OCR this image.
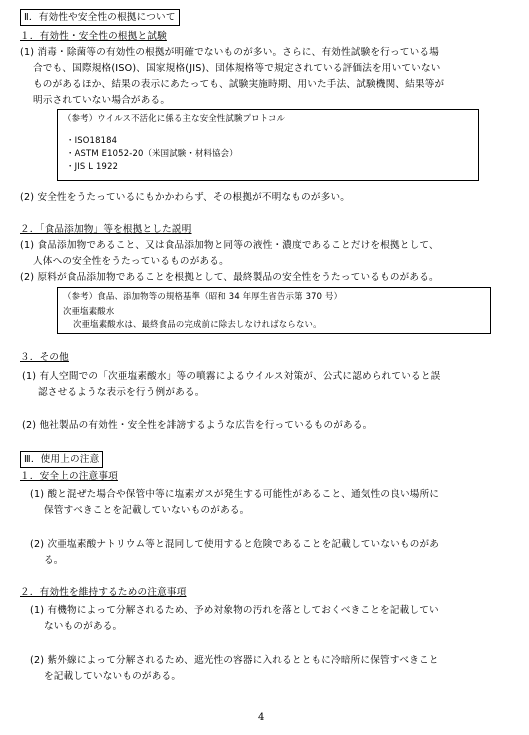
Ⅱ．有効性や安全性の根拠について
１．有効性・安全性の根拠と試験
(1) 消毒・除菌等の有効性の根拠が明確でないものが多い。さらに、有効性試験を行っている場
合でも、国際規格(ISO)、国家規格(JIS)、団体規格等で規定されている評価法を用いていない
ものがあるほか、結果の表示にあたっても、試験実施時期、用いた手法、試験機関、結果等が
明示されていない場合がある。
（参考）ウイルス不活化に係る主な安全性試験プロトコル
・ISO18184
・ASTM E1052-20（米国試験・材料協会）
・JIS L 1922
(2) 安全性をうたっているにもかかわらず、その根拠が不明なものが多い。
２．「食品添加物」等を根拠とした説明
(1) 食品添加物であること、又は食品添加物と同等の液性・濃度であることだけを根拠として、
人体への安全性をうたっているものがある。
(2) 原料が食品添加物であることを根拠として、最終製品の安全性をうたっているものがある。
（参考）食品、添加物等の規格基準（昭和 34 年厚生省告示第 370 号）
次亜塩素酸水
次亜塩素酸水は、最終食品の完成前に除去しなければならない。
３．その他
(1) 有人空間での「次亜塩素酸水」等の噴霧によるウイルス対策が、公式に認められていると誤
認させるような表示を行う例がある。
(2) 他社製品の有効性・安全性を誹謗するような広告を行っているものがある。
Ⅲ．使用上の注意
１．安全上の注意事項
(1) 酸と混ぜた場合や保管中等に塩素ガスが発生する可能性があること、通気性の良い場所に
保管すべきことを記載していないものがある。
(2) 次亜塩素酸ナトリウム等と混同して使用すると危険であることを記載していないものがあ
る。
２．有効性を維持するための注意事項
(1) 有機物によって分解されるため、予め対象物の汚れを落としておくべきことを記載してい
ないものがある。
(2) 紫外線によって分解されるため、遮光性の容器に入れるとともに冷暗所に保管すべきこと
を記載していないものがある。
4
